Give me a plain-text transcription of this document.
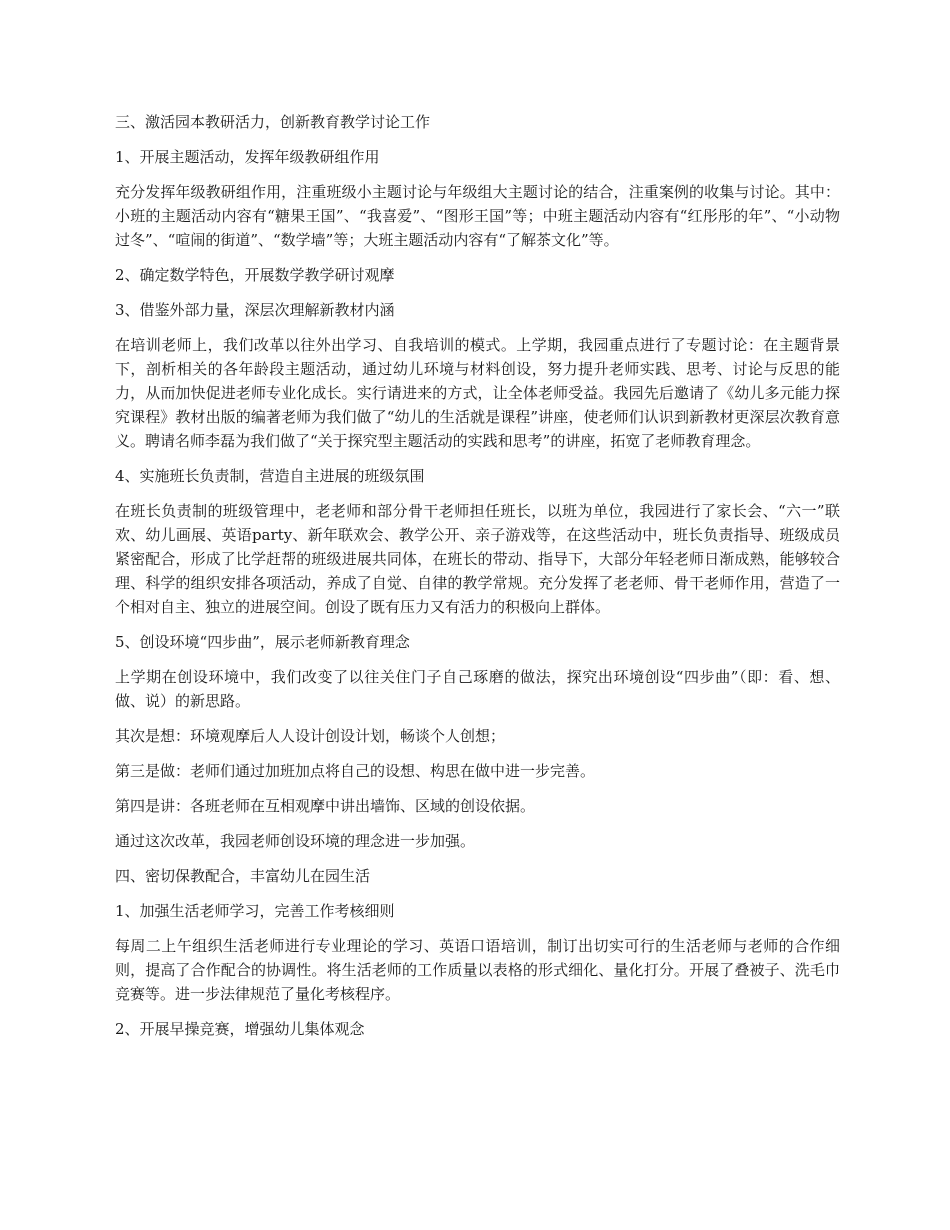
三、激活园本教研活力，创新教育教学讨论工作

1、开展主题活动，发挥年级教研组作用

充分发挥年级教研组作用，注重班级小主题讨论与年级组大主题讨论的结合，注重案例的收集与讨论。其中：小班的主题活动内容有“糖果王国”、“我喜爱”、“图形王国”等；中班主题活动内容有“红彤彤的年”、“小动物过冬”、“喧闹的街道”、“数学墙”等；大班主题活动内容有“了解茶文化”等。

2、确定数学特色，开展数学教学研讨观摩

3、借鉴外部力量，深层次理解新教材内涵

在培训老师上，我们改革以往外出学习、自我培训的模式。上学期，我园重点进行了专题讨论：在主题背景下，剖析相关的各年龄段主题活动，通过幼儿环境与材料创设，努力提升老师实践、思考、讨论与反思的能力，从而加快促进老师专业化成长。实行请进来的方式，让全体老师受益。我园先后邀请了《幼儿多元能力探究课程》教材出版的编著老师为我们做了“幼儿的生活就是课程”讲座，使老师们认识到新教材更深层次教育意义。聘请名师李磊为我们做了“关于探究型主题活动的实践和思考”的讲座，拓宽了老师教育理念。

4、实施班长负责制，营造自主进展的班级氛围

在班长负责制的班级管理中，老老师和部分骨干老师担任班长，以班为单位，我园进行了家长会、“六一”联欢、幼儿画展、英语party、新年联欢会、教学公开、亲子游戏等，在这些活动中，班长负责指导、班级成员紧密配合，形成了比学赶帮的班级进展共同体，在班长的带动、指导下，大部分年轻老师日渐成熟，能够较合理、科学的组织安排各项活动，养成了自觉、自律的教学常规。充分发挥了老老师、骨干老师作用，营造了一个相对自主、独立的进展空间。创设了既有压力又有活力的积极向上群体。

5、创设环境“四步曲”，展示老师新教育理念

上学期在创设环境中，我们改变了以往关住门子自己琢磨的做法，探究出环境创设“四步曲”（即：看、想、做、说）的新思路。

其次是想：环境观摩后人人设计创设计划，畅谈个人创想；

第三是做：老师们通过加班加点将自己的设想、构思在做中进一步完善。

第四是讲：各班老师在互相观摩中讲出墙饰、区域的创设依据。

通过这次改革，我园老师创设环境的理念进一步加强。

四、密切保教配合，丰富幼儿在园生活

1、加强生活老师学习，完善工作考核细则

每周二上午组织生活老师进行专业理论的学习、英语口语培训，制订出切实可行的生活老师与老师的合作细则，提高了合作配合的协调性。将生活老师的工作质量以表格的形式细化、量化打分。开展了叠被子、洗毛巾竞赛等。进一步法律规范了量化考核程序。

2、开展早操竞赛，增强幼儿集体观念
